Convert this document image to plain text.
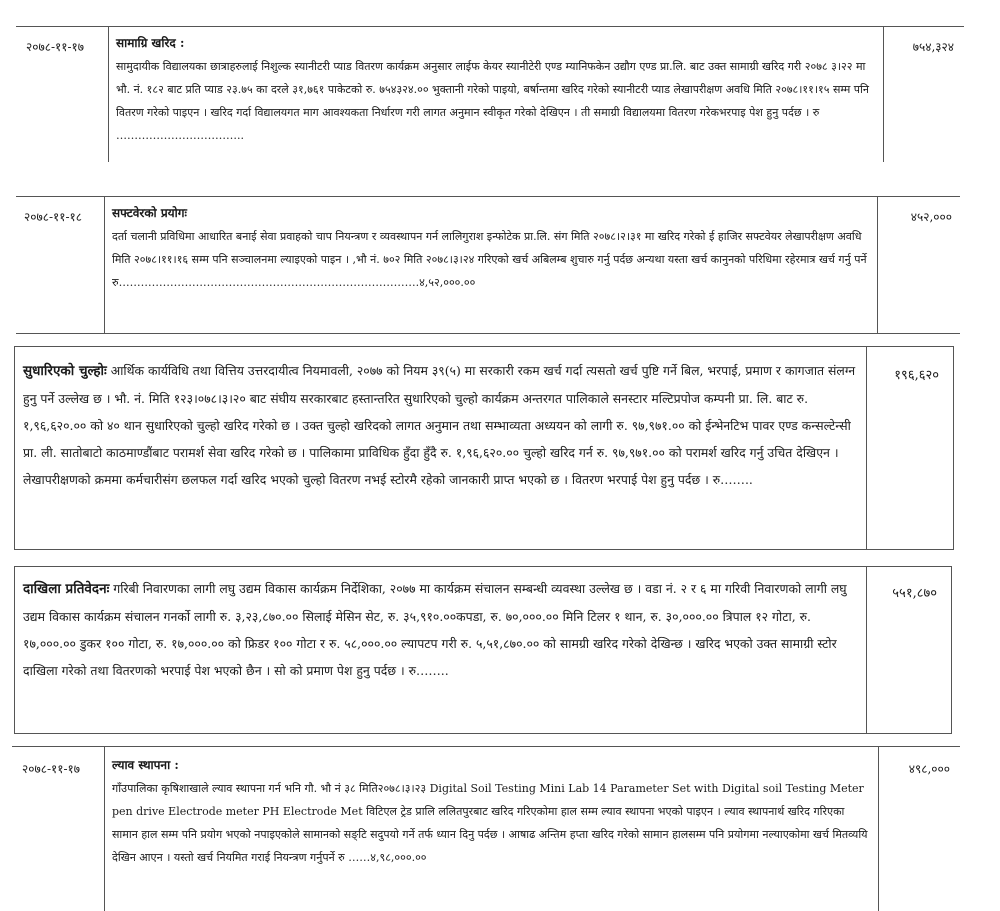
२०७८-११-१७	सामाग्रि खरिद :
सामुदायीक विद्यालयका छात्राहरुलाई निशुल्क स्यानीटरी प्याड वितरण कार्यक्रम अनुसार लाईफ केयर स्यानीटेरी एण्ड म्यानिफकेन उद्यौग एण्ड प्रा.लि. बाट उक्त सामाग्री खरिद गरी २०७८ ३।२२ मा भौ. नं. १८२ बाट प्रति प्याड २३.७५ का दरले ३१,७६१ पाकेटको रु. ७५४३२४.०० भुक्तानी गरेको पाइयो, बर्षान्तमा खरिद गरेको स्यानीटरी प्याड लेखापरीक्षण अवधि मिति २०७८।११।१५ सम्म पनि वितरण गरेको पाइएन । खरिद गर्दा विद्यालयगत माग आवश्यकता निर्धारण गरी लागत अनुमान स्वीकृत गरेको देखिएन । ती समाग्री विद्यालयमा वितरण गरेकभरपाइ पेश हुनु पर्दछ । रु ……………………………..
७५४,३२४
२०७८-११-१८ सफ्टवेरको प्रयोगः
दर्ता चलानी प्रविधिमा आधारित बनाई सेवा प्रवाहको चाप नियन्त्रण र व्यवस्थापन गर्न लालिगुराश इन्फोटेक प्रा.लि. संग मिति २०७८।२।३१ मा खरिद गरेको ई हाजिर सफ्टवेयर लेखापरीक्षण अवधि मिति २०७८।११।१६ सम्म पनि सञ्चालनमा ल्याइएको पाइन । ,भौ नं. ७०२ मिति २०७८।३।२४ गरिएको खर्च अबिलम्ब शुचारु गर्नु पर्दछ अन्यथा यस्ता खर्च कानुनको परिधिमा रहेरमात्र खर्च गर्नु पर्ने रु……………………………………………………………………….४,५२,०००.००
४५२,०००
सुधारिएको चुल्होः आर्थिक कार्यविधि तथा वित्तिय उत्तरदायीत्व नियमावली, २०७७ को नियम ३९(५) मा सरकारी रकम खर्च गर्दा त्यसतो खर्च पुष्टि गर्ने बिल, भरपाई, प्रमाण र कागजात संलग्न हुनु पर्ने उल्लेख छ । भौ. नं. मिति १२३।०७८।३।२० बाट संघीय सरकारबाट हस्तान्तरित सुधारिएको चुल्हो कार्यक्रम अन्तरगत पालिकाले सनस्टार मल्टिप्रपोज कम्पनी प्रा. लि. बाट रु. १,९६,६२०.०० को ४० थान सुधारिएको चुल्हो खरिद गरेको छ । उक्त चुल्हो खरिदको लागत अनुमान तथा सम्भाव्यता अध्ययन को लागी रु. ९७,९७१.०० को ईन्भेनटिभ पावर एण्ड कन्सल्टेन्सी प्रा. ली. सातोबाटो काठमाण्डौंबाट परामर्श सेवा खरिद गरेको छ । पालिकामा प्राविधिक हुँदा हुँदै रु. १,९६,६२०.०० चुल्हो खरिद गर्न रु. ९७,९७१.०० को परामर्श खरिद गर्नु उचित देखिएन । लेखापरीक्षणको क्रममा कर्मचारीसंग छलफल गर्दा खरिद भएको चुल्हो वितरण नभई स्टोरमै रहेको जानकारी प्राप्त भएको छ । वितरण भरपाई पेश हुनु पर्दछ । रु……..
१९६,६२०
दाखिला प्रतिवेदनः गरिबी निवारणका लागी लघु उद्यम विकास कार्यक्रम निर्देशिका, २०७७ मा कार्यक्रम संचालन सम्बन्धी व्यवस्था उल्लेख छ । वडा नं. २ र ६ मा गरिवी निवारणको लागी लघु उद्यम विकास कार्यक्रम संचालन गनर्को लागी रु. ३,२३,८७०.०० सिलाई मेसिन सेट, रु. ३५,९१०.००कपडा, रु. ७०,०००.०० मिनि टिलर १ थान, रु. ३०,०००.०० त्रिपाल १२ गोटा, रु. १७,०००.०० डुकर १०० गोटा, रु. १७,०००.०० को फ्रिडर १०० गोटा र रु. ५८,०००.०० ल्यापटप गरी रु. ५,५१,८७०.०० को सामग्री खरिद गरेको देखिन्छ । खरिद भएको उक्त सामाग्री स्टोर दाखिला गरेको तथा वितरणको भरपाई पेश भएको छैन । सो को प्रमाण पेश हुनु पर्दछ । रु……..
५५१,८७०
२०७८-११-१७	ल्याव स्थापना :
गाँउपालिका कृषिशाखाले ल्याव स्थापना गर्न भनि गौ. भौ नं ३८ मिति२०७८।३।२३ Digital Soil Testing Mini Lab 14 Parameter Set with Digital soil Testing Meter pen drive Electrode meter PH Electrode Met विटिएल ट्रेड प्रालि ललितपुरबाट खरिद गरिएकोमा हाल सम्म ल्याव स्थापना भएको पाइएन । ल्याव स्थापनार्थ खरिद गरिएका सामान हाल सम्म पनि प्रयोग भएको नपाइएकोले सामानको सङ्टि सदुपयो गर्ने तर्फ ध्यान दिनु पर्दछ । आषाढ अन्तिम हप्ता खरिद गरेको सामान हालसम्म पनि प्रयोगमा नल्याएकोमा खर्च मितव्ययि देखिन आएन । यस्तो खर्च नियमित गराई नियन्त्रण गर्नुपर्ने रु ……४,९८,०००.००
४९८,०००
